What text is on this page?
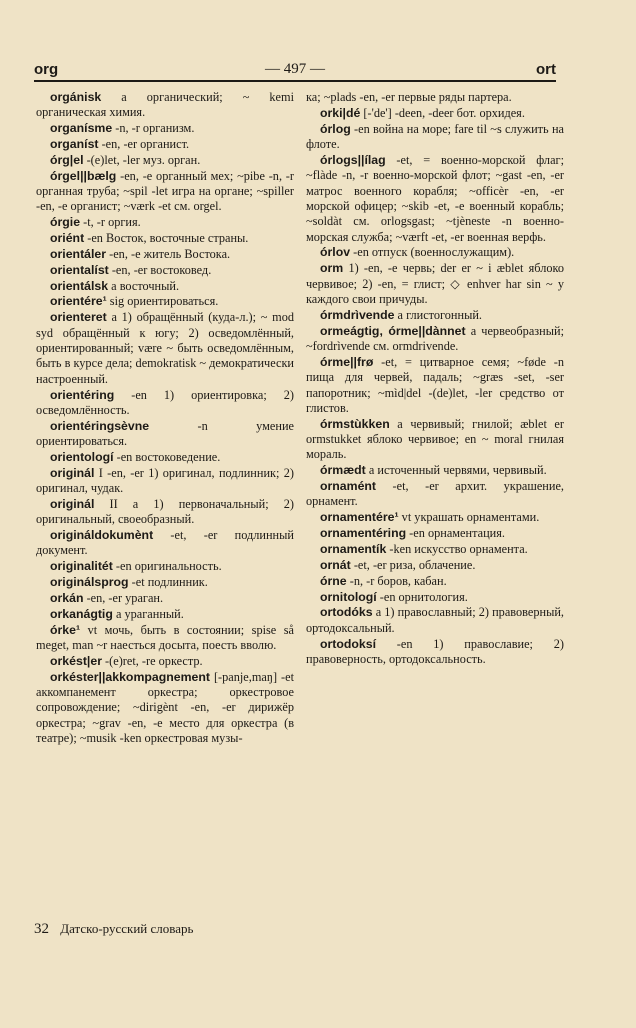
— 497 —
org	ort

orgánisk a органический; ~ kemi органическая химия.

organísme -n, -r организм.

organíst -en, -er органист.

órg|el -(e)let, -ler муз. орган.

órgel||bælg -en, -e органный мех; ~pibe -n, -r органная труба; ~spil -let игра на органе; ~spiller -en, -e органист; ~værk -et см. orgel.

órgie -t, -r оргия.

oriént -en Восток, восточные страны.

orientáler -en, -e житель Востока.

orientalíst -en, -er востоковед.

orientálsk a восточный.

orientére¹ sig ориентироваться.

orienteret a 1) обращённый (куда-л.); ~ mod syd обращённый к югу; 2) осведомлённый, ориентированный; være ~ быть осведомлённым, быть в курсе дела; demokratisk ~ демократически настроенный.

orientéring -en 1) ориентировка; 2) осведомлённость.

orientéringsèvne -n умение ориентироваться.

orientologí -en востоковедение.

originál I -en, -er 1) оригинал, подлинник; 2) оригинал, чудак.

originál II a 1) первоначальный; 2) оригинальный, своеобразный.

origináldokumènt -et, -er подлинный документ.

originalitét -en оригинальность.

originálsprog -et подлинник.

orkán -en, -er ураган.

orkanágtig a ураганный.

órke¹ vt мочь, быть в состоянии; spise så meget, man ~r наесться досыта, поесть вволю.

orkést|er -(e)ret, -re оркестр.

orkéster||akkompagnement [-panje,maŋ] -et аккомпанемент оркестра; оркестровое сопровождение; ~dirigènt -en, -er дирижёр оркестра; ~grav -en, -e место для оркестра (в театре); ~musik -ken оркестровая музы-

ка; ~plads -en, -er первые ряды партера.

orki|dé [-'de'] -deen, -deer бот. орхидея.

órlog -en война на море; fare til ~s служить на флоте.

órlogs||ílag -et, = военно-морской флаг; ~flàde -n, -r военно-морской флот; ~gast -en, -er матрос военного корабля; ~officèr -en, -er морской офицер; ~skib -et, -e военный корабль; ~soldàt см. orlogsgast; ~tjèneste -n военно-морская служба; ~værft -et, -er военная верфь.

órlov -en отпуск (военнослужащим).

orm 1) -en, -e червь; der er ~ i æblet яблоко червивое; 2) -en, = глист; ◇ enhver har sin ~ у каждого свои причуды.

órmdrìvende a глистогонный.

ormeágtig, órme||dànnet a червеобразный; ~fordrìvende см. ormdrivende.

órme||frø -et, = цитварное семя; ~føde -n пища для червей, падаль; ~græs -set, -ser папоротник; ~mìd|del -(de)let, -ler средство от глистов.

órmstùkken a червивый; гнилой; æblet er ormstukket яблоко червивое; en ~ moral гнилая мораль.

órmædt a источенный червями, червивый.

ornamént -et, -er архит. украшение, орнамент.

ornamentére¹ vt украшать орнаментами.

ornamentéring -en орнаментация.

ornamentík -ken искусство орнамента.

ornát -et, -er риза, облачение.

órne -n, -r боров, кабан.

ornitologí -en орнитология.

ortodóks a 1) православный; 2) правоверный, ортодоксальный.

ortodoksí -en 1) православие; 2) правоверность, ортодоксальность.

32 Датско-русский словарь
